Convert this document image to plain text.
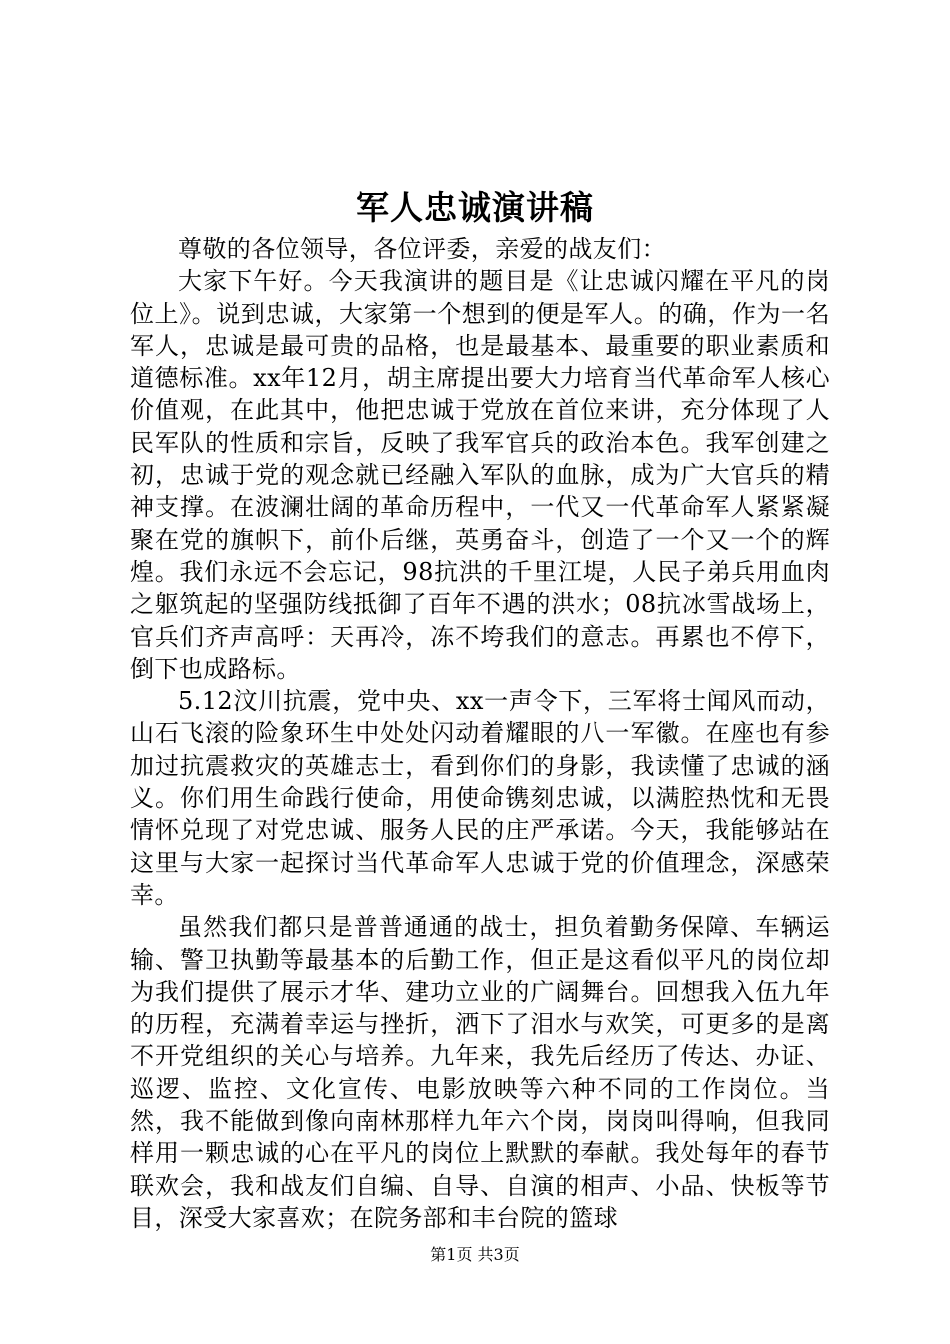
军人忠诚演讲稿

尊敬的各位领导，各位评委，亲爱的战友们：

大家下午好。今天我演讲的题目是《让忠诚闪耀在平凡的岗位上》。说到忠诚，大家第一个想到的便是军人。的确，作为一名军人，忠诚是最可贵的品格，也是最基本、最重要的职业素质和道德标准。xx年12月，胡主席提出要大力培育当代革命军人核心价值观，在此其中，他把忠诚于党放在首位来讲，充分体现了人民军队的性质和宗旨，反映了我军官兵的政治本色。我军创建之初，忠诚于党的观念就已经融入军队的血脉，成为广大官兵的精神支撑。在波澜壮阔的革命历程中，一代又一代革命军人紧紧凝聚在党的旗帜下，前仆后继，英勇奋斗，创造了一个又一个的辉煌。我们永远不会忘记，98抗洪的千里江堤，人民子弟兵用血肉之躯筑起的坚强防线抵御了百年不遇的洪水；08抗冰雪战场上，官兵们齐声高呼：天再冷，冻不垮我们的意志。再累也不停下，倒下也成路标。

5.12汶川抗震，党中央、xx一声令下，三军将士闻风而动，山石飞滚的险象环生中处处闪动着耀眼的八一军徽。在座也有参加过抗震救灾的英雄志士，看到你们的身影，我读懂了忠诚的涵义。你们用生命践行使命，用使命镌刻忠诚，以满腔热忱和无畏情怀兑现了对党忠诚、服务人民的庄严承诺。今天，我能够站在这里与大家一起探讨当代革命军人忠诚于党的价值理念，深感荣幸。

虽然我们都只是普普通通的战士，担负着勤务保障、车辆运输、警卫执勤等最基本的后勤工作，但正是这看似平凡的岗位却为我们提供了展示才华、建功立业的广阔舞台。回想我入伍九年的历程，充满着幸运与挫折，洒下了泪水与欢笑，可更多的是离不开党组织的关心与培养。九年来，我先后经历了传达、办证、巡逻、监控、文化宣传、电影放映等六种不同的工作岗位。当然，我不能做到像向南林那样九年六个岗，岗岗叫得响，但我同样用一颗忠诚的心在平凡的岗位上默默的奉献。我处每年的春节联欢会，我和战友们自编、自导、自演的相声、小品、快板等节目，深受大家喜欢；在院务部和丰台院的篮球

第1页 共3页
